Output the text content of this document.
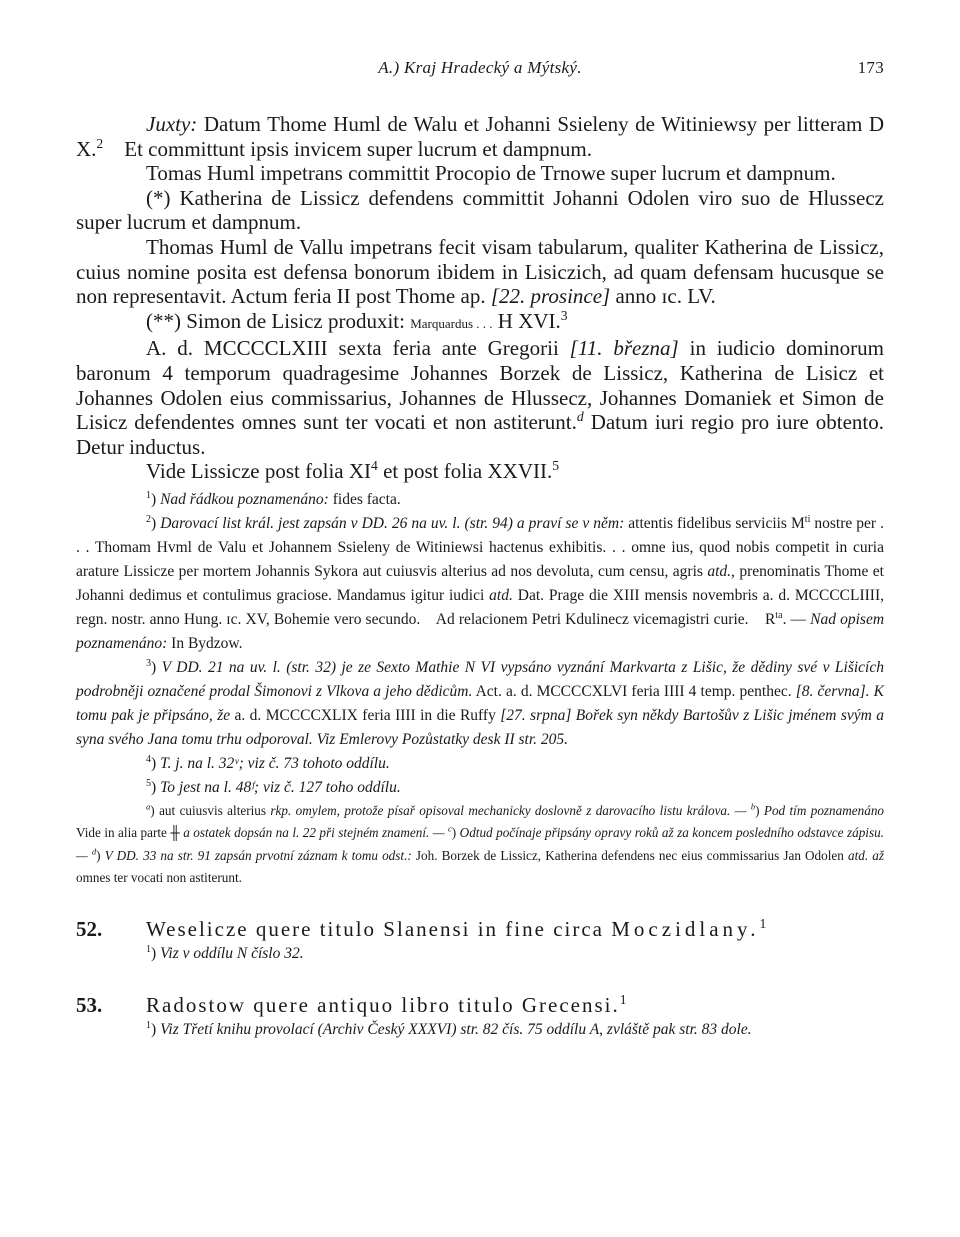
A.) Kraj Hradecký a Mýtský.	173

Juxty: Datum Thome Huml de Walu et Johanni Ssieleny de Witiniewsy per litteram D X.$^2$    Et committunt ipsis invicem super lucrum et dampnum.

Tomas Huml impetrans committit Procopio de Trnowe super lucrum et dampnum.

(*) Katherina de Lissicz defendens committit Johanni Odolen viro suo de Hlussecz super lucrum et dampnum.

Thomas Huml de Vallu impetrans fecit visam tabularum, qualiter Katherina de Lissicz, cuius nomine posita est defensa bonorum ibidem in Lisiczich, ad quam defensam hucusque se non representavit. Actum feria II post Thome ap. [22. prosince] anno ɪc. LV.

(**) Simon de Lisicz produxit: Marquardus . . . H XVI.$^3$

A. d. MCCCCLXIII sexta feria ante Gregorii [11. března] in iudicio dominorum baronum 4 temporum quadragesime Johannes Borzek de Lissicz, Katherina de Lisicz et Johannes Odolen eius commissarius, Johannes de Hlussecz, Johannes Domaniek et Simon de Lisicz defendentes omnes sunt ter vocati et non astiterunt.$^d$ Datum iuri regio pro iure obtento. Detur inductus.

Vide Lissicze post folia $XI^4$ et post folia XXVII.$^5$

$^1$) Nad řádkou poznamenáno: fides facta.

$^2$) Darovací list král. jest zapsán v DD. 26 na uv. l. (str. 94) a praví se v něm: attentis fidelibus serviciis $M^{ti}$ nostre per . . . Thomam Hvml de Valu et Johannem Ssieleny de Witiniewsi hactenus exhibitis. . . omne ius, quod nobis competit in curia arature Lissicze per mortem Johannis Sykora aut cuiusvis alterius ad nos devoluta, cum censu, agris atd., prenominatis Thome et Johanni dedimus et contulimus graciose. Mandamus igitur iudici atd. Dat. Prage die XIII mensis novembris a. d. MCCCCLIIII, regn. nostr. anno Hung. ɪc. XV, Bohemie vero secundo.    Ad relacionem Petri Kdulinecz vicemagistri curie.    $R^{ta}$. — Nad opisem poznamenáno: In Bydzow.

$^3$) V DD. 21 na uv. l. (str. 32) je ze Sexto Mathie N VI vypsáno vyznání Markvarta z Lišic, že dědiny své v Lišicích podrobněji označené prodal Šimonovi z Vlkova a jeho dědicům. Act. a. d. MCCCCXLVI feria IIII 4 temp. penthec. [8. června]. K tomu pak je připsáno, že a. d. MCCCCXLIX feria IIII in die Ruffy [27. srpna] Bořek syn někdy Bartošův z Lišic jménem svým a syna svého Jana tomu trhu odporoval. Viz Emlerovy Pozůstatky desk II str. 205.

$^4$) T. j. na l. 32ᵛ; viz č. 73 tohoto oddílu.

$^5$) To jest na l. 48ᶠ; viz č. 127 toho oddílu.

$^a$) aut cuiusvis alterius rkp. omylem, protože písař opisoval mechanicky doslovně z darovacího listu králova. — $^b$) Pod tím poznamenáno Vide in alia parte ╫ a ostatek dopsán na l. 22 při stejném znamení. — $^c$) Odtud počínaje připsány opravy roků až za koncem posledního odstavce zápisu. — $^d$) V DD. 33 na str. 91 zapsán prvotní záznam k tomu odst.: Joh. Borzek de Lissicz, Katherina defendens nec eius commissarius Jan Odolen atd. až omnes ter vocati non astiterunt.

52.	Weselicze quere titulo Slanensi in fine circa Moczidlany.$^1$
$^1$) Viz v oddílu N číslo 32.
53.	Radostow quere antiquo libro titulo Grecensi.$^1$
$^1$) Viz Třetí knihu provolací (Archiv Český XXXVI) str. 82 čís. 75 oddílu A, zvláště pak str. 83 dole.
